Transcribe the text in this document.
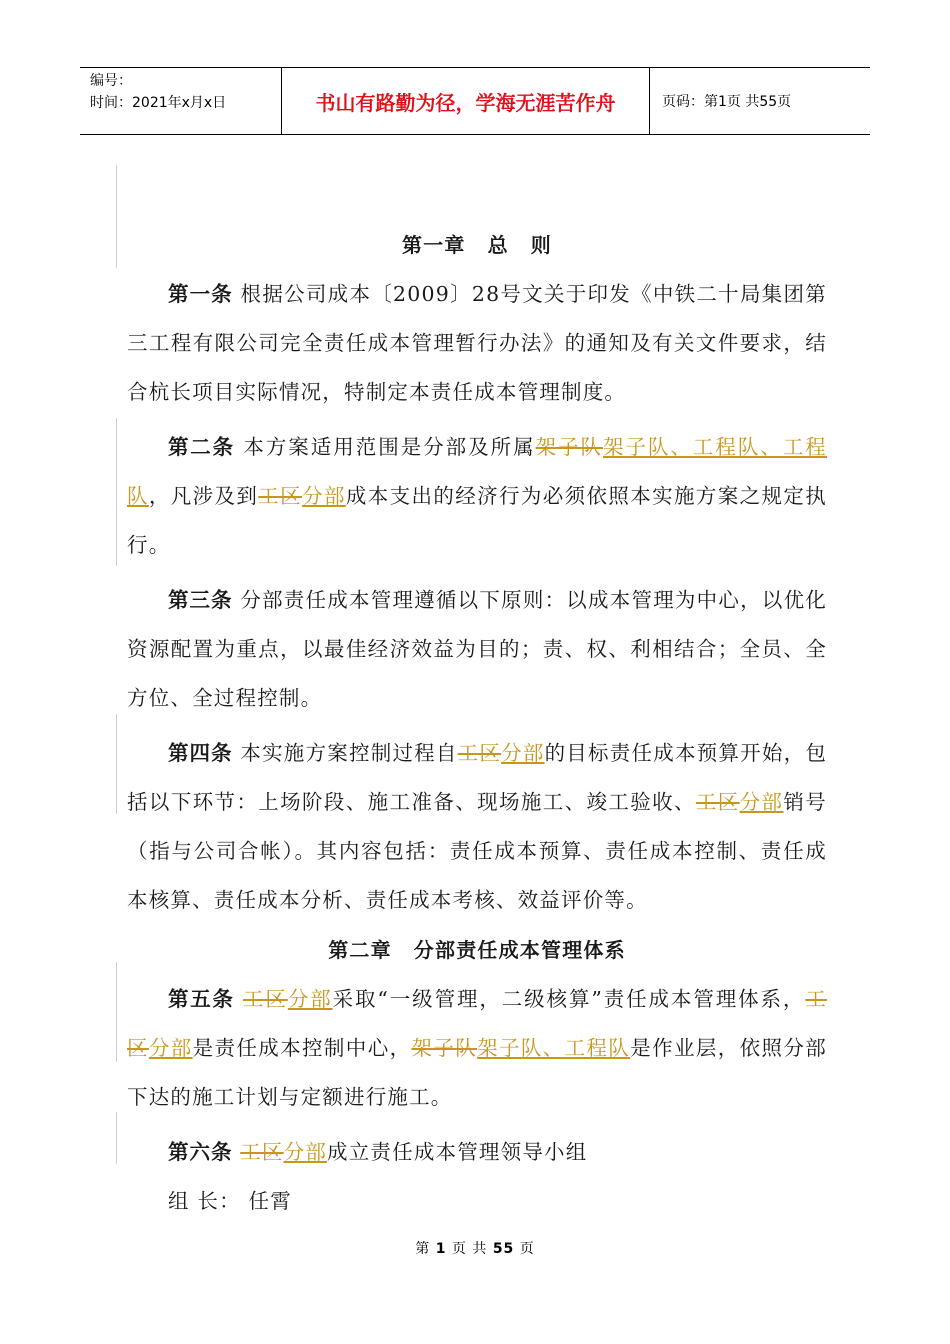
编号：
时间：2021年x月x日	书山有路勤为径，学海无涯苦作舟	页码：第1页 共55页
第一章 总 则
第一条 根据公司成本〔2009〕28号文关于印发《中铁二十局集团第三工程有限公司完全责任成本管理暂行办法》的通知及有关文件要求，结合杭长项目实际情况，特制定本责任成本管理制度。
第二条 本方案适用范围是分部及所属架子队架子队、工程队、工程队，凡涉及到工区分部成本支出的经济行为必须依照本实施方案之规定执行。
第三条 分部责任成本管理遵循以下原则：以成本管理为中心，以优化资源配置为重点，以最佳经济效益为目的；责、权、利相结合；全员、全方位、全过程控制。
第四条 本实施方案控制过程自工区分部的目标责任成本预算开始，包括以下环节：上场阶段、施工准备、现场施工、竣工验收、工区分部销号（指与公司合帐）。其内容包括：责任成本预算、责任成本控制、责任成本核算、责任成本分析、责任成本考核、效益评价等。
第二章 分部责任成本管理体系
第五条 工区分部采取“一级管理，二级核算”责任成本管理体系，工区分部是责任成本控制中心，架子队架子队、工程队是作业层，依照分部下达的施工计划与定额进行施工。
第六条 工区分部成立责任成本管理领导小组
组 长： 任霄
第 1 页 共 55 页
